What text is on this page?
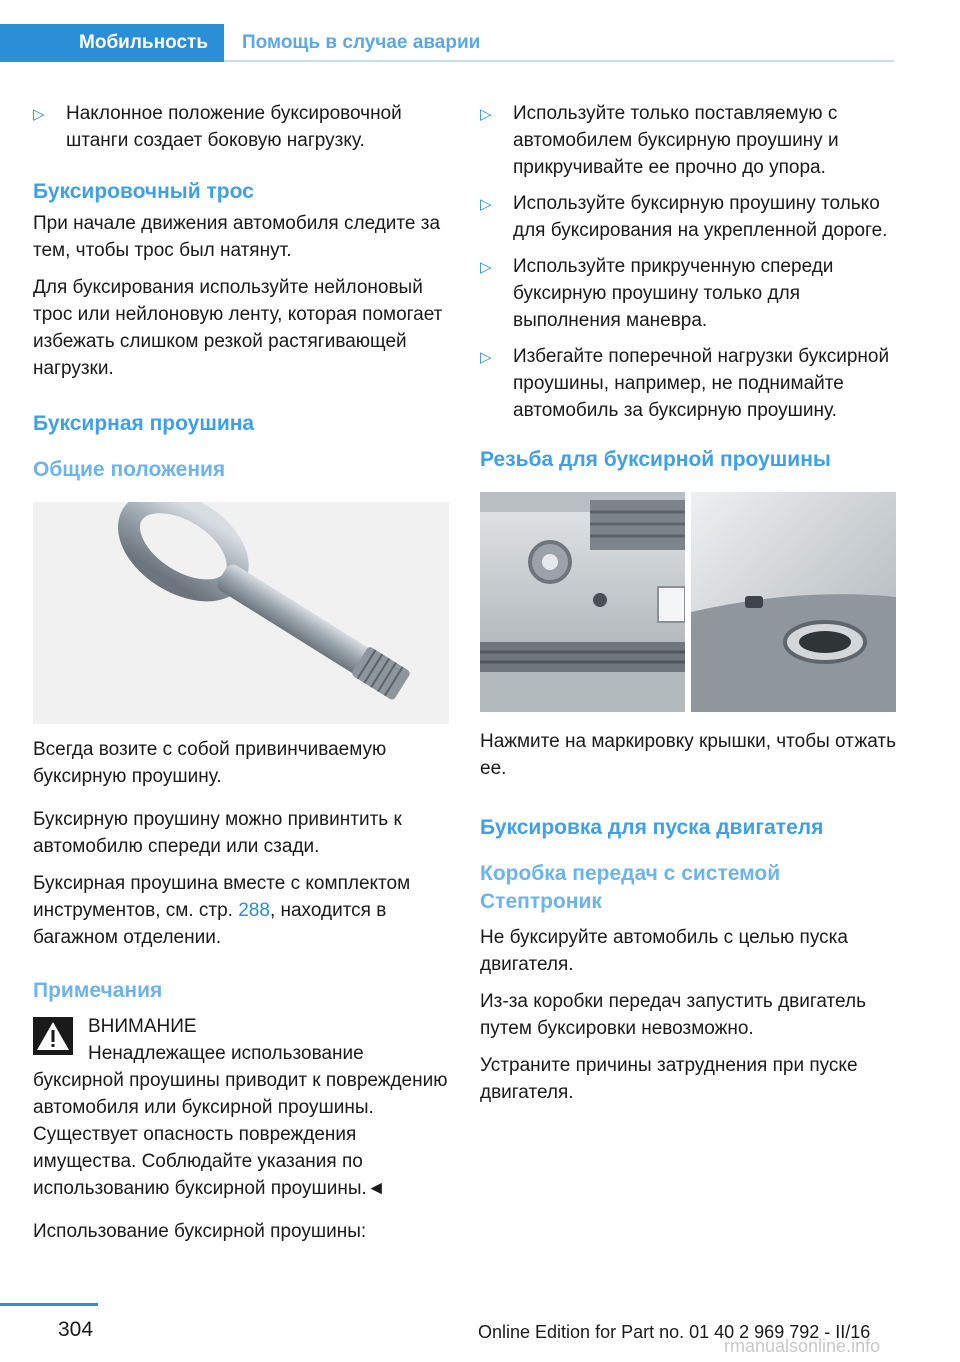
Мобильность Помощь в случае аварии
▷ Наклонное положение буксировочной штанги создает боковую нагрузку.
Буксировочный трос

При начале движения автомобиля следите за тем, чтобы трос был натянут.

Для буксирования используйте нейлоновый трос или нейлоновую ленту, которая помогает избежать слишком резкой растягивающей нагрузки.

Буксирная проушина
Общие положения

Всегда возите с собой привинчиваемую буксирную проушину.

Буксирную проушину можно привинтить к автомобилю спереди или сзади.

Буксирная проушина вместе с комплектом инструментов, см. стр. 288, находится в багажном отделении.

Примечания
ВНИМАНИЕ

Ненадлежащее использование буксирной проушины приводит к повреждению автомобиля или буксирной проушины. Существует опасность повреждения имущества. Соблюдайте указания по использованию буксирной проушины.◄

Использование буксирной проушины:

▷ Используйте только поставляемую с автомобилем буксирную проушину и прикручивайте ее прочно до упора.
▷ Используйте буксирную проушину только для буксирования на укрепленной дороге.
▷ Используйте прикрученную спереди буксирную проушину только для выполнения маневра.
▷ Избегайте поперечной нагрузки буксирной проушины, например, не поднимайте автомобиль за буксирную проушину.
Резьба для буксирной проушины

Нажмите на маркировку крышки, чтобы отжать ее.

Буксировка для пуска двигателя
Коробка передач с системой Стептроник

Не буксируйте автомобиль с целью пуска двигателя.

Из-за коробки передач запустить двигатель путем буксировки невозможно.

Устраните причины затруднения при пуске двигателя.

304	Online Edition for Part no. 01 40 2 969 792 - II/16
rmanualsonline.info
